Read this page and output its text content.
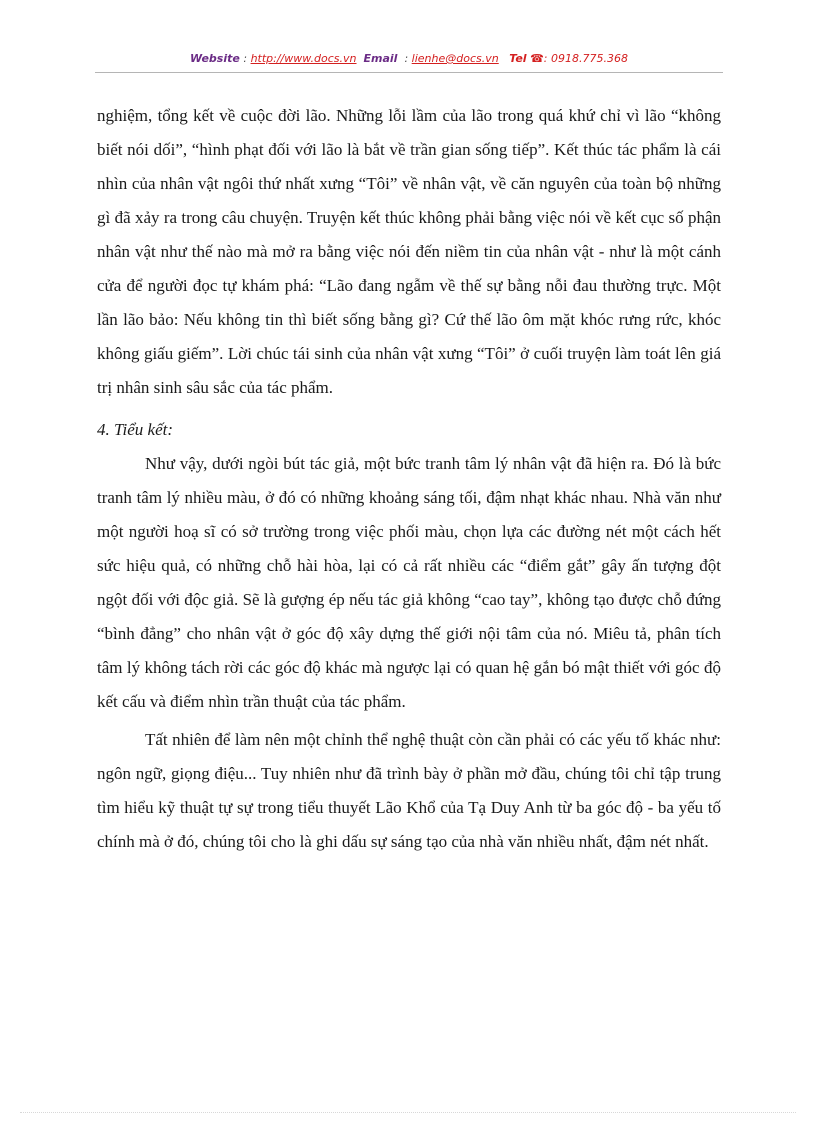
Website : http://www.docs.vn Email  : lienhe@docs.vn Tel ☎: 0918.775.368

nghiệm, tổng kết về cuộc đời lão. Những lỗi lầm của lão trong quá khứ chỉ vì lão “không biết nói dối”, “hình phạt đối với lão là bắt về trần gian sống tiếp”. Kết thúc tác phẩm là cái nhìn của nhân vật ngôi thứ nhất xưng “Tôi” về nhân vật, về căn nguyên của toàn bộ những gì đã xảy ra trong câu chuyện. Truyện kết thúc không phải bằng việc nói về kết cục số phận nhân vật như thế nào mà mở ra bằng việc nói đến niềm tin của nhân vật - như là một cánh cửa để người đọc tự khám phá: “Lão đang ngẫm về thế sự bằng nỗi đau thường trực. Một lần lão bảo: Nếu không tin thì biết sống bằng gì? Cứ thế lão ôm mặt khóc rưng rức, khóc không giấu giếm”. Lời chúc tái sinh của nhân vật xưng “Tôi” ở cuối truyện làm toát lên giá trị nhân sinh sâu sắc của tác phẩm.

4. Tiểu kết:

Như vậy, dưới ngòi bút tác giả, một bức tranh tâm lý nhân vật đã hiện ra. Đó là bức tranh tâm lý nhiều màu, ở đó có những khoảng sáng tối, đậm nhạt khác nhau. Nhà văn như một người hoạ sĩ có sở trường trong việc phối màu, chọn lựa các đường nét một cách hết sức hiệu quả, có những chỗ hài hòa, lại có cả rất nhiều các “điểm gắt” gây ấn tượng đột ngột đối với độc giả. Sẽ là gượng ép nếu tác giả không “cao tay”, không tạo được chỗ đứng “bình đẳng” cho nhân vật ở góc độ xây dựng thế giới nội tâm của nó. Miêu tả, phân tích tâm lý không tách rời các góc độ khác mà ngược lại có quan hệ gắn bó mật thiết với góc độ kết cấu và điểm nhìn trần thuật của tác phẩm.

Tất nhiên để làm nên một chỉnh thể nghệ thuật còn cần phải có các yếu tố khác như: ngôn ngữ, giọng điệu... Tuy nhiên như đã trình bày ở phần mở đầu, chúng tôi chỉ tập trung tìm hiểu kỹ thuật tự sự trong tiểu thuyết Lão Khổ của Tạ Duy Anh từ ba góc độ - ba yếu tố chính mà ở đó, chúng tôi cho là ghi dấu sự sáng tạo của nhà văn nhiều nhất, đậm nét nhất.
